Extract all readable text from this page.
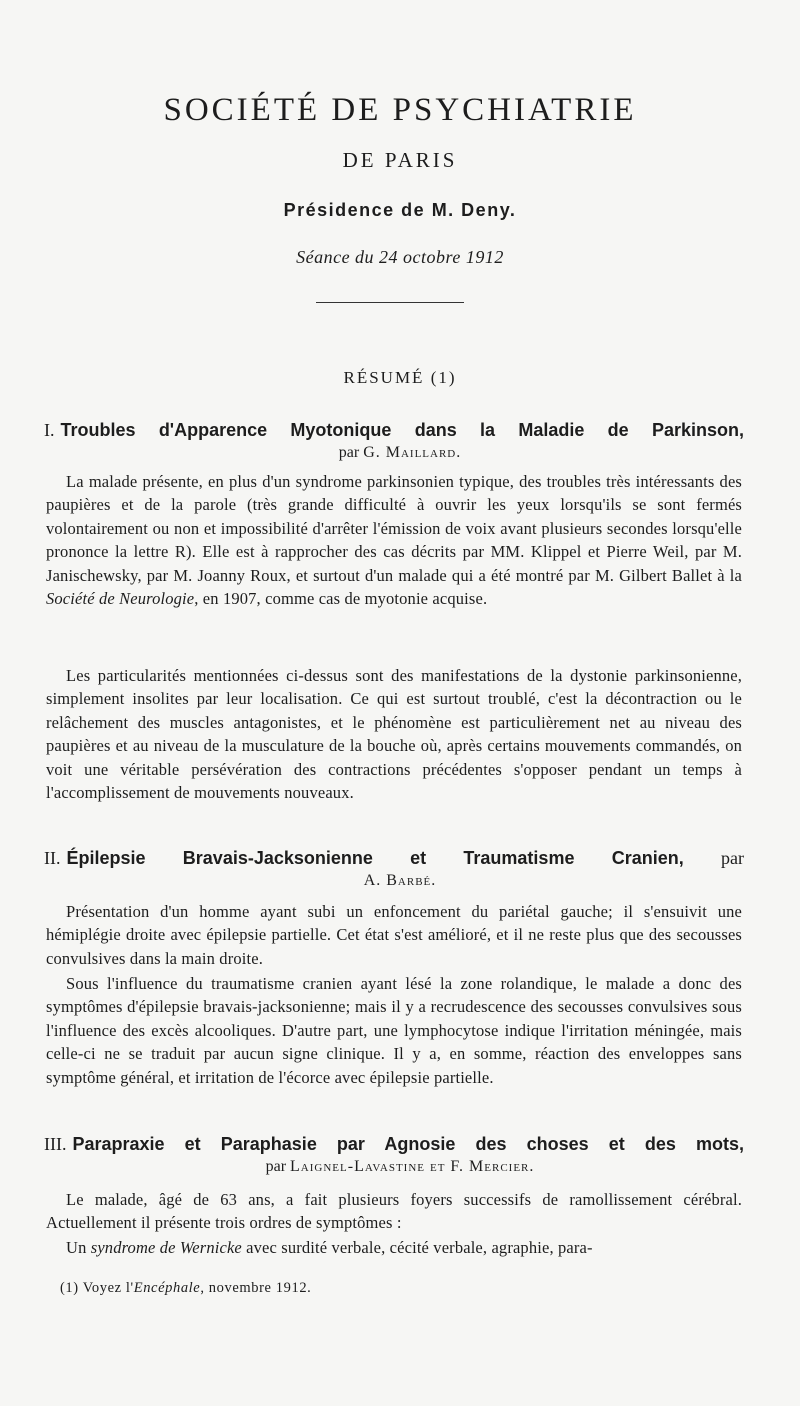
SOCIÉTÉ DE PSYCHIATRIE
DE PARIS
Présidence de M. Deny.
Séance du 24 octobre 1912
RÉSUMÉ (1)
I. Troubles d'Apparence Myotonique dans la Maladie de Parkinson,
par G. Maillard.
La malade présente, en plus d'un syndrome parkinsonien typique, des troubles très intéressants des paupières et de la parole (très grande difficulté à ouvrir les yeux lorsqu'ils se sont fermés volontairement ou non et impossibilité d'arrêter l'émission de voix avant plusieurs secondes lorsqu'elle prononce la lettre R). Elle est à rapprocher des cas décrits par MM. Klippel et Pierre Weil, par M. Janischewsky, par M. Joanny Roux, et surtout d'un malade qui a été montré par M. Gilbert Ballet à la Société de Neurologie, en 1907, comme cas de myotonie acquise.
Les particularités mentionnées ci-dessus sont des manifestations de la dystonie parkinsonienne, simplement insolites par leur localisation. Ce qui est surtout troublé, c'est la décontraction ou le relâchement des muscles antagonistes, et le phénomène est particulièrement net au niveau des paupières et au niveau de la musculature de la bouche où, après certains mouvements commandés, on voit une véritable persévération des contractions précédentes s'opposer pendant un temps à l'accomplissement de mouvements nouveaux.
II. Épilepsie Bravais-Jacksonienne et Traumatisme Cranien, par
A. Barbé.
Présentation d'un homme ayant subi un enfoncement du pariétal gauche; il s'ensuivit une hémiplégie droite avec épilepsie partielle. Cet état s'est amélioré, et il ne reste plus que des secousses convulsives dans la main droite.
Sous l'influence du traumatisme cranien ayant lésé la zone rolandique, le malade a donc des symptômes d'épilepsie bravais-jacksonienne; mais il y a recrudescence des secousses convulsives sous l'influence des excès alcooliques. D'autre part, une lymphocytose indique l'irritation méningée, mais celle-ci ne se traduit par aucun signe clinique. Il y a, en somme, réaction des enveloppes sans symptôme général, et irritation de l'écorce avec épilepsie partielle.
III. Parapraxie et Paraphasie par Agnosie des choses et des mots,
par Laignel-Lavastine et F. Mercier.
Le malade, âgé de 63 ans, a fait plusieurs foyers successifs de ramollissement cérébral. Actuellement il présente trois ordres de symptômes :
Un syndrome de Wernicke avec surdité verbale, cécité verbale, agraphie, para-
(1) Voyez l'Encéphale, novembre 1912.
